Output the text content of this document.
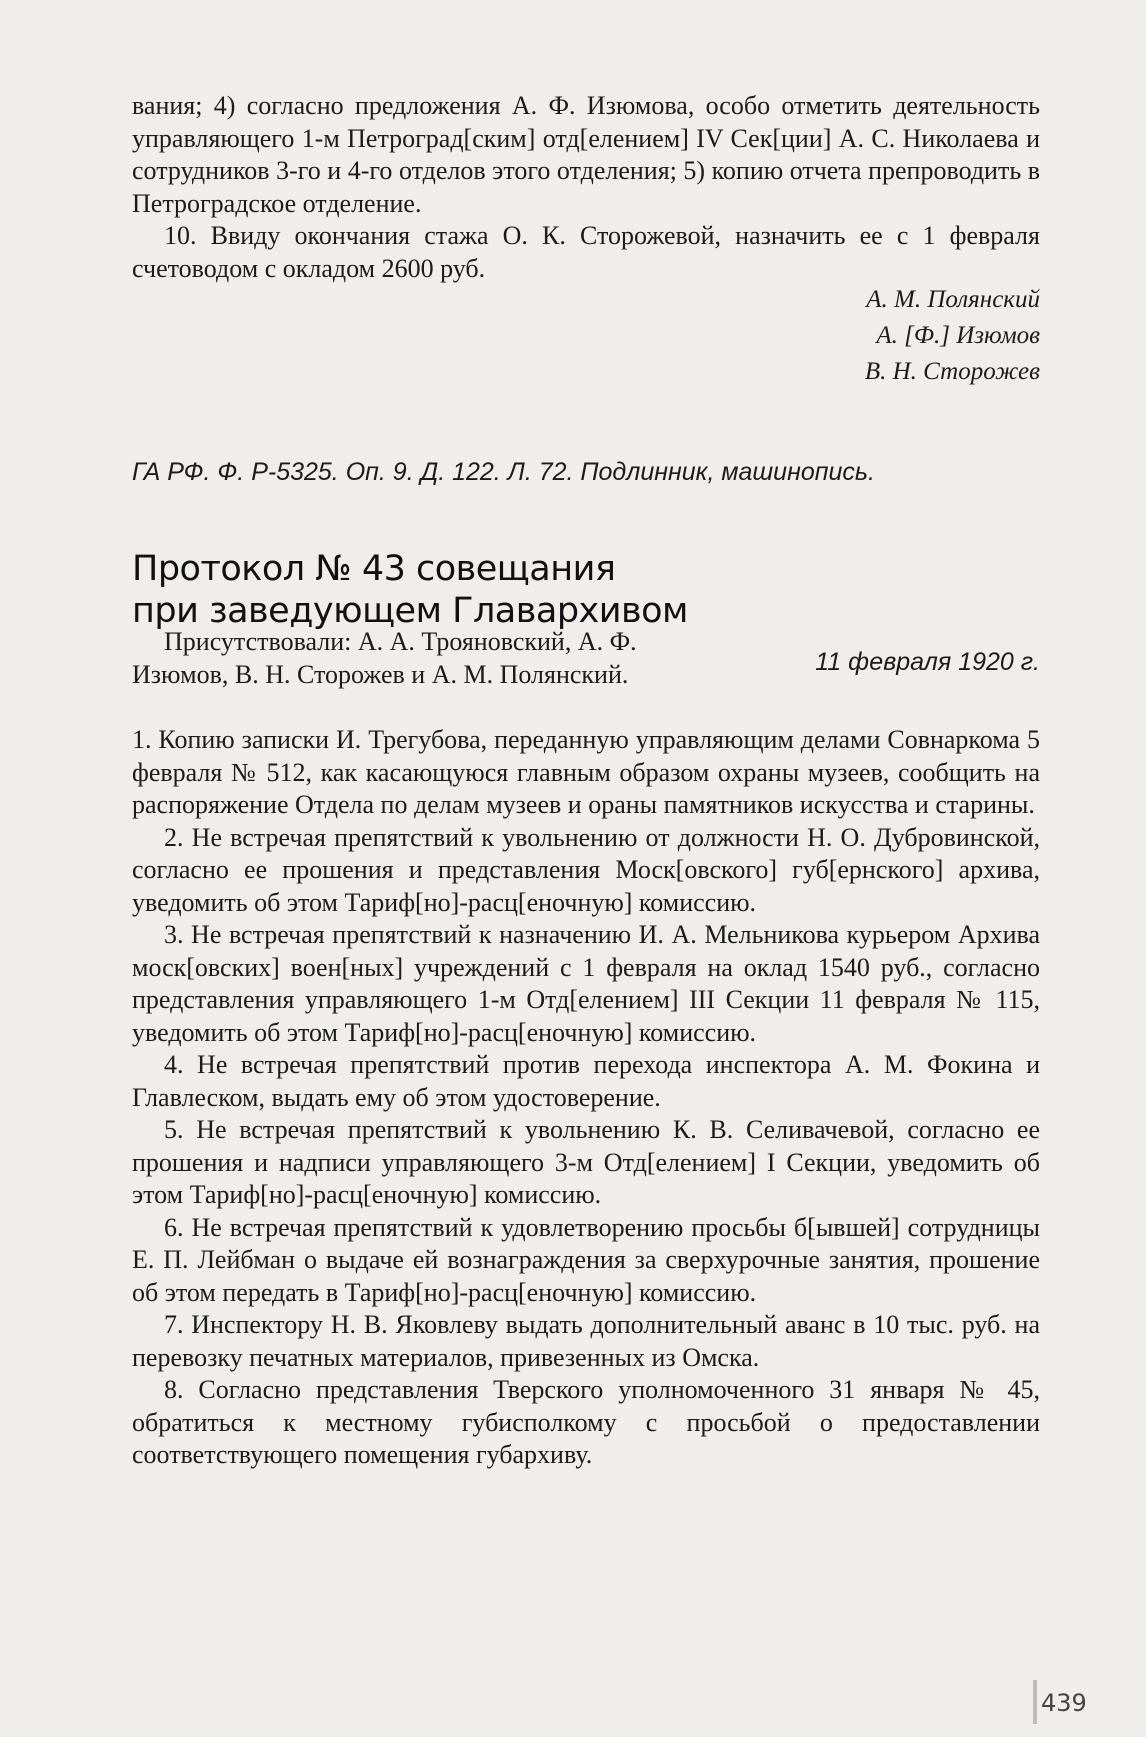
вания; 4) согласно предложения А. Ф. Изюмова, особо отметить деятельность управляющего 1-м Петроград[ским] отд[елением] IV Сек[ции] А. С. Николаева и сотрудников 3-го и 4-го отделов этого отделения; 5) копию отчета препроводить в Петроградское отделение.

10. Ввиду окончания стажа О. К. Сторожевой, назначить ее с 1 февраля счетоводом с окладом 2600 руб.

А. М. Полянский
А. [Ф.] Изюмов
В. Н. Сторожев
ГА РФ. Ф. Р-5325. Оп. 9. Д. 122. Л. 72. Подлинник, машинопись.
Протокол № 43 совещания
при заведующем Главархивом
11 февраля 1920 г.

Присутствовали: А. А. Трояновский, А. Ф. Изюмов, В. Н. Сторожев и А. М. Полянский.

1. Копию записки И. Трегубова, переданную управляющим делами Совнаркома 5 февраля № 512, как касающуюся главным образом охраны музеев, сообщить на распоряжение Отдела по делам музеев и ораны памятников искусства и старины.

2. Не встречая препятствий к увольнению от должности Н. О. Дубровинской, согласно ее прошения и представления Моск[овского] губ[ернского] архива, уведомить об этом Тариф[но]-расц[еночную] комиссию.

3. Не встречая препятствий к назначению И. А. Мельникова курьером Архива моск[овских] воен[ных] учреждений с 1 февраля на оклад 1540 руб., согласно представления управляющего 1-м Отд[елением] III Секции 11 февраля № 115, уведомить об этом Тариф[но]-расц[еночную] комиссию.

4. Не встречая препятствий против перехода инспектора А. М. Фокина и Главлеском, выдать ему об этом удостоверение.

5. Не встречая препятствий к увольнению К. В. Селивачевой, согласно ее прошения и надписи управляющего 3-м Отд[елением] I Секции, уведомить об этом Тариф[но]-расц[еночную] комиссию.

6. Не встречая препятствий к удовлетворению просьбы б[ывшей] сотрудницы Е. П. Лейбман о выдаче ей вознаграждения за сверхурочные занятия, прошение об этом передать в Тариф[но]-расц[еночную] комиссию.

7. Инспектору Н. В. Яковлеву выдать дополнительный аванс в 10 тыс. руб. на перевозку печатных материалов, привезенных из Омска.

8. Согласно представления Тверского уполномоченного 31 января № 45, обратиться к местному губисполкому с просьбой о предоставлении соответствующего помещения губархиву.

439
